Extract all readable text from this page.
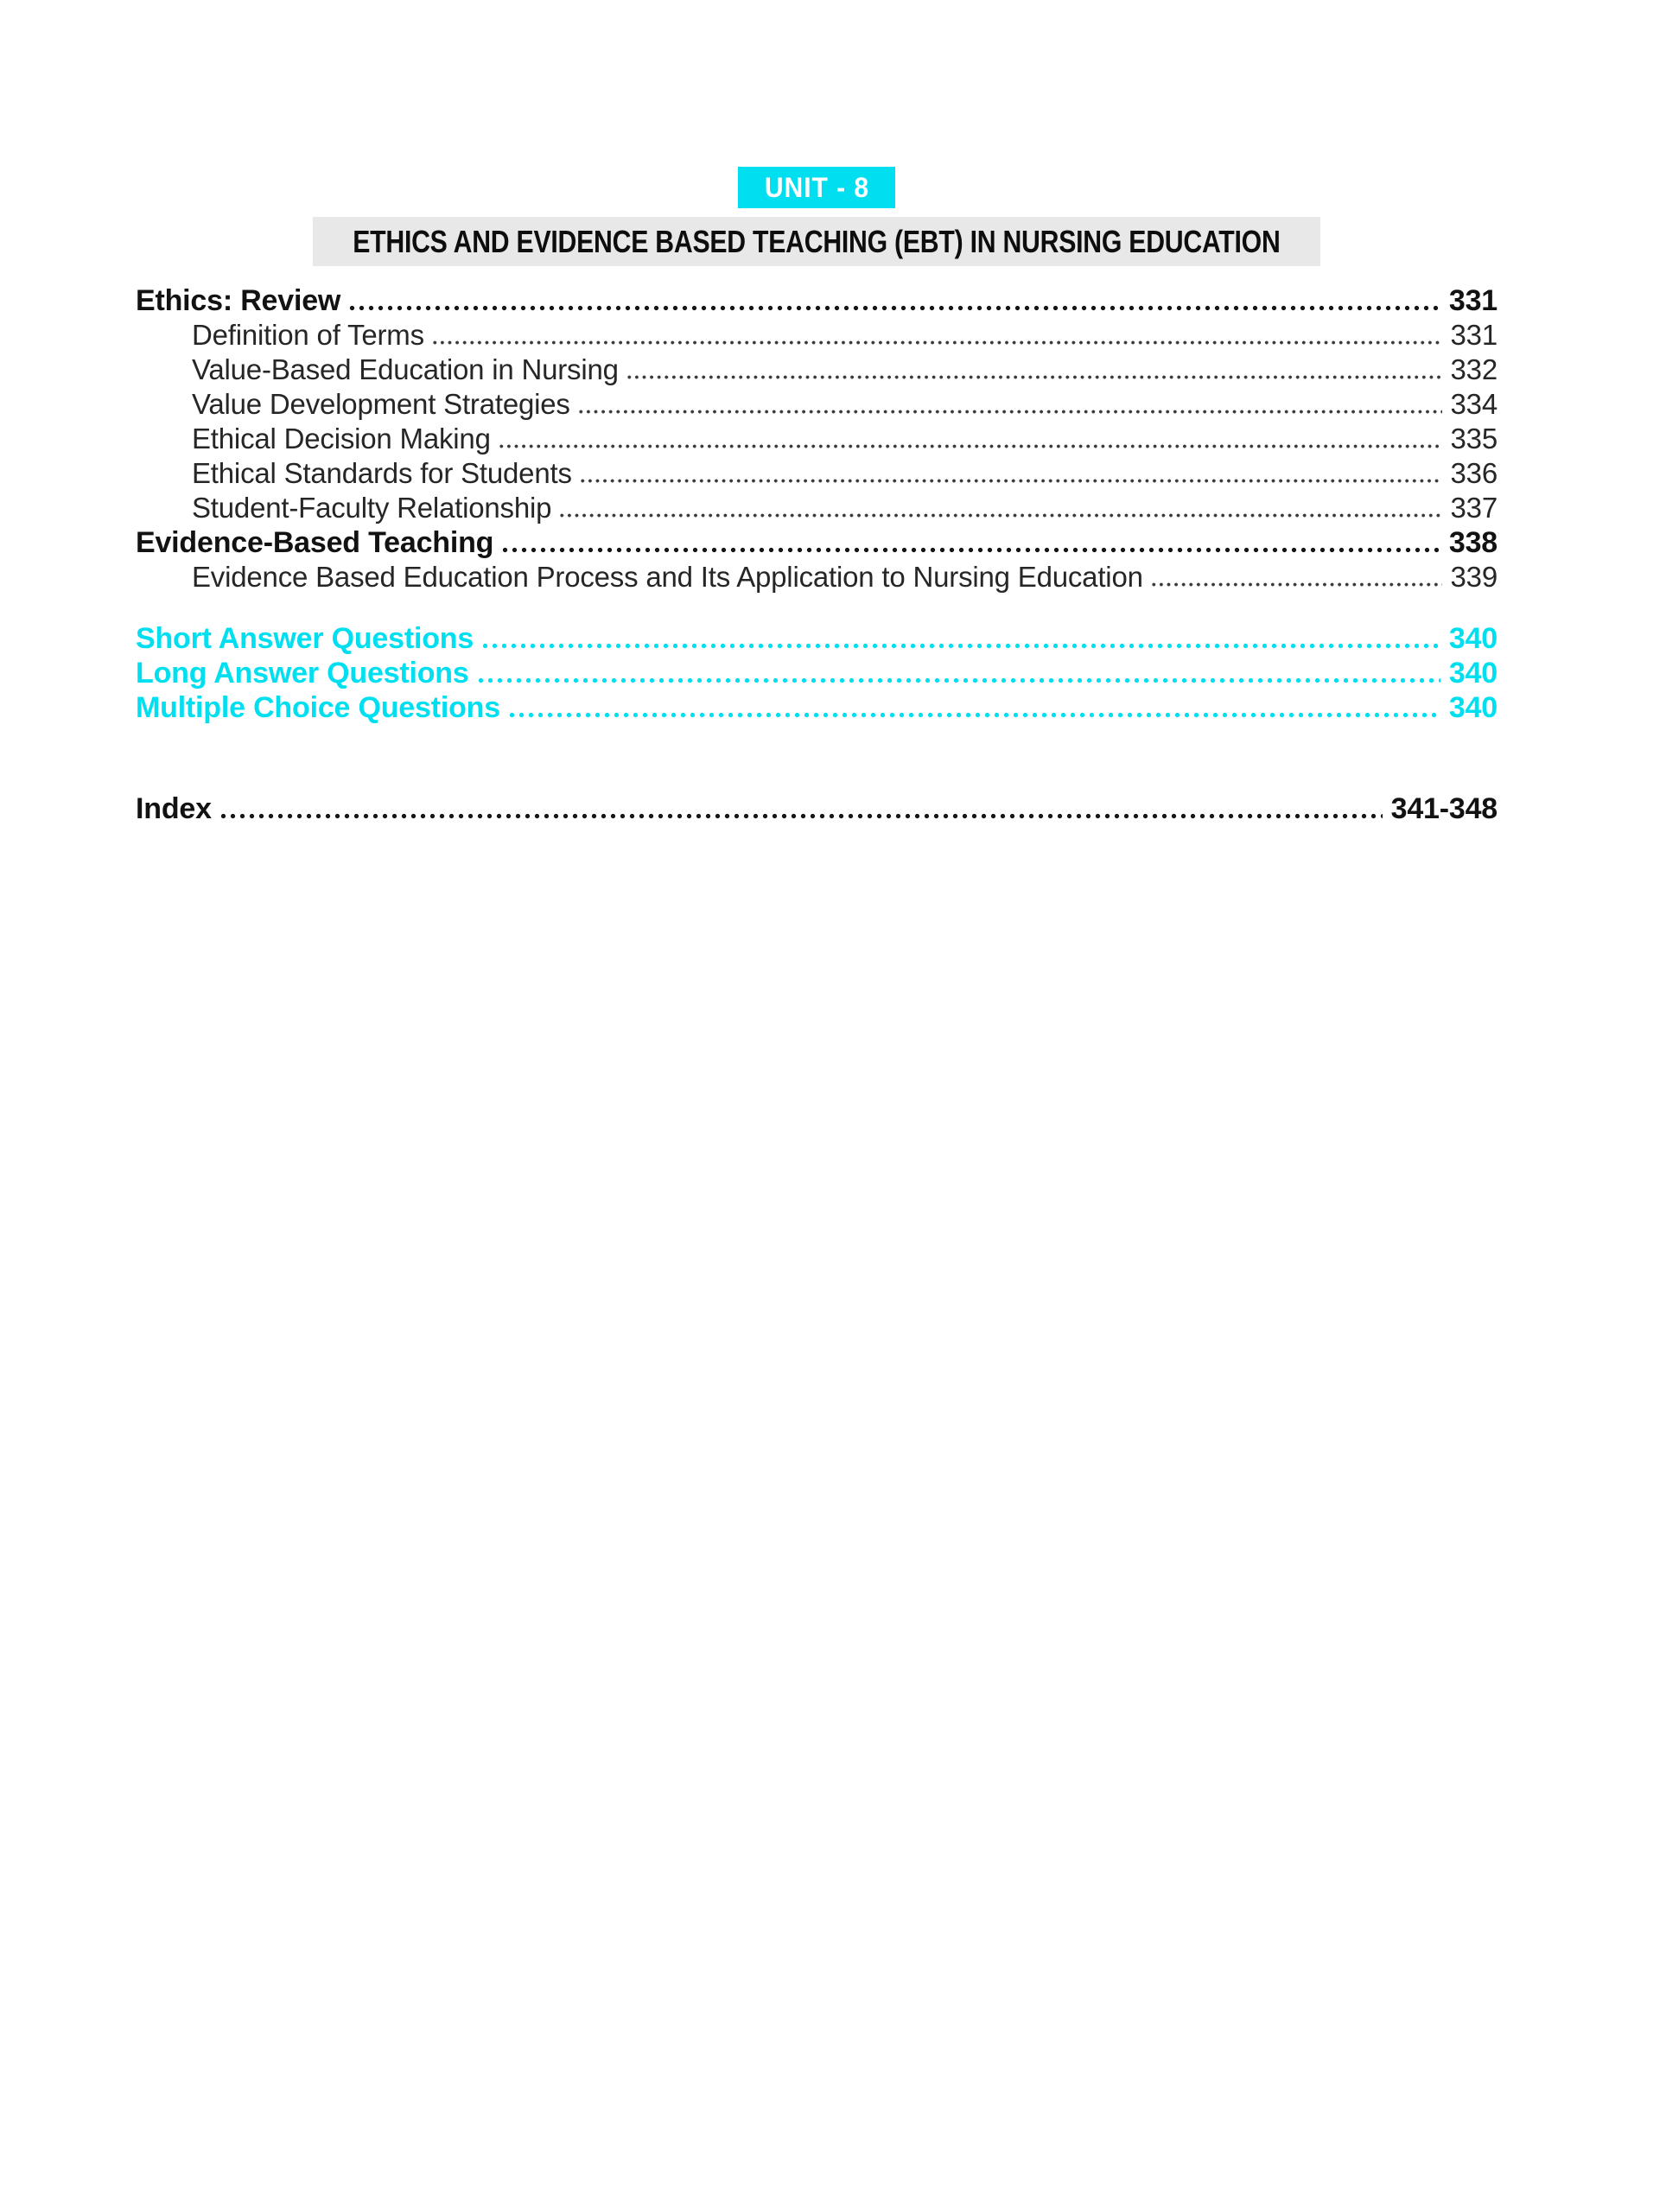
UNIT - 8
ETHICS AND EVIDENCE BASED TEACHING (EBT) IN NURSING EDUCATION
Ethics: Review	331
Definition of Terms	331
Value-Based Education in Nursing	332
Value Development Strategies	334
Ethical Decision Making	335
Ethical Standards for Students	336
Student-Faculty Relationship	337
Evidence-Based Teaching	338
Evidence Based Education Process and Its Application to Nursing Education	339
Short Answer Questions	340
Long Answer Questions	340
Multiple Choice Questions	340
Index	341-348
